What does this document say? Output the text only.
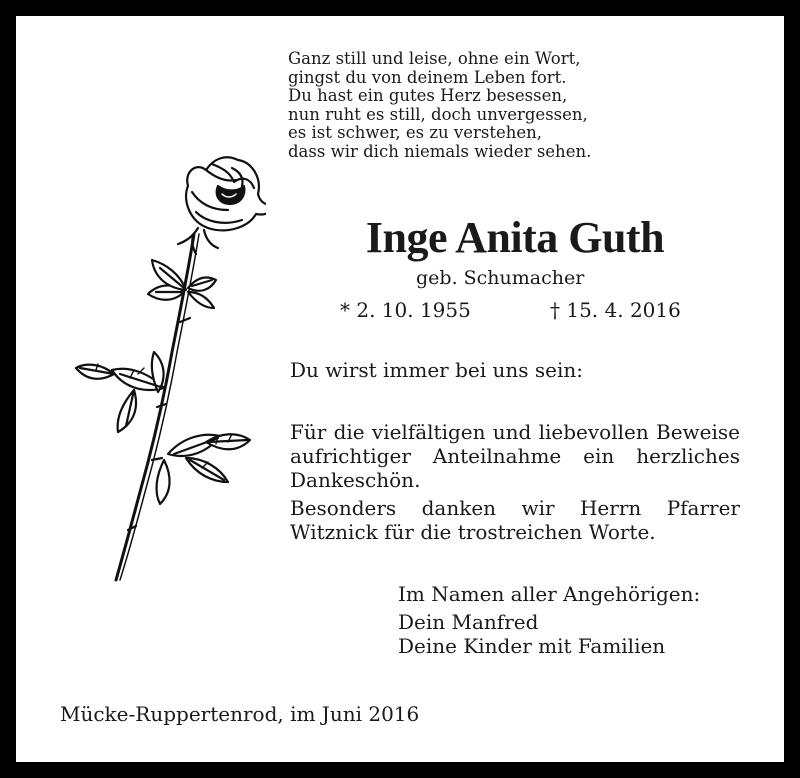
Ganz still und leise, ohne ein Wort,
gingst du von deinem Leben fort.
Du hast ein gutes Herz besessen,
nun ruht es still, doch unvergessen,
es ist schwer, es zu verstehen,
dass wir dich niemals wieder sehen.
Inge Anita Guth
geb. Schumacher
* 2. 10. 1955	† 15. 4. 2016
Du wirst immer bei uns sein:

Für die vielfältigen und liebevollen Beweise aufrichtiger Anteilnahme ein herzliches Dankeschön.

Besonders danken wir Herrn Pfarrer Witznick für die trostreichen Worte.

Im Namen aller Angehörigen:
Dein Manfred
Deine Kinder mit Familien
Mücke-Ruppertenrod, im Juni 2016
